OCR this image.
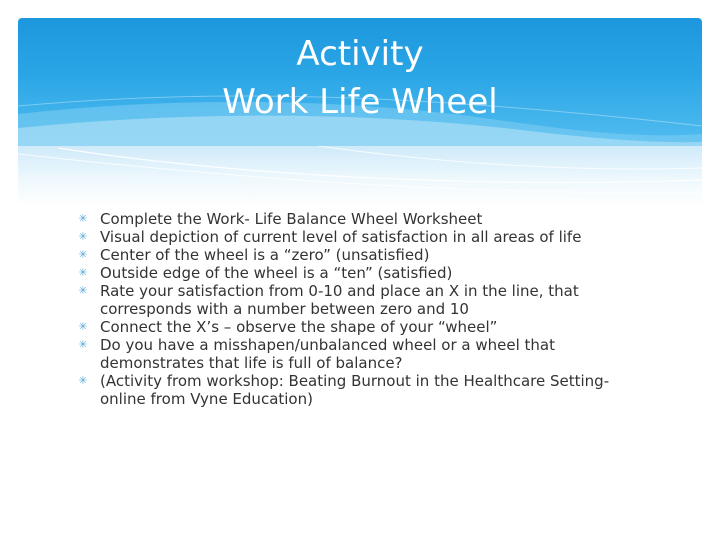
Activity
Work Life Wheel
✳ Complete the Work- Life Balance Wheel Worksheet
✳ Visual depiction of current level of satisfaction in all areas of life
✳ Center of the wheel is a “zero” (unsatisfied)
✳ Outside edge of the wheel is a “ten” (satisfied)
✳ Rate your satisfaction from 0-10 and place an X in the line, that corresponds with a number between zero and 10
✳ Connect the X’s – observe the shape of your “wheel”
✳ Do you have a misshapen/unbalanced wheel or a wheel that demonstrates that life is full of balance?
✳ (Activity from workshop: Beating Burnout in the Healthcare Setting- online from Vyne Education)
